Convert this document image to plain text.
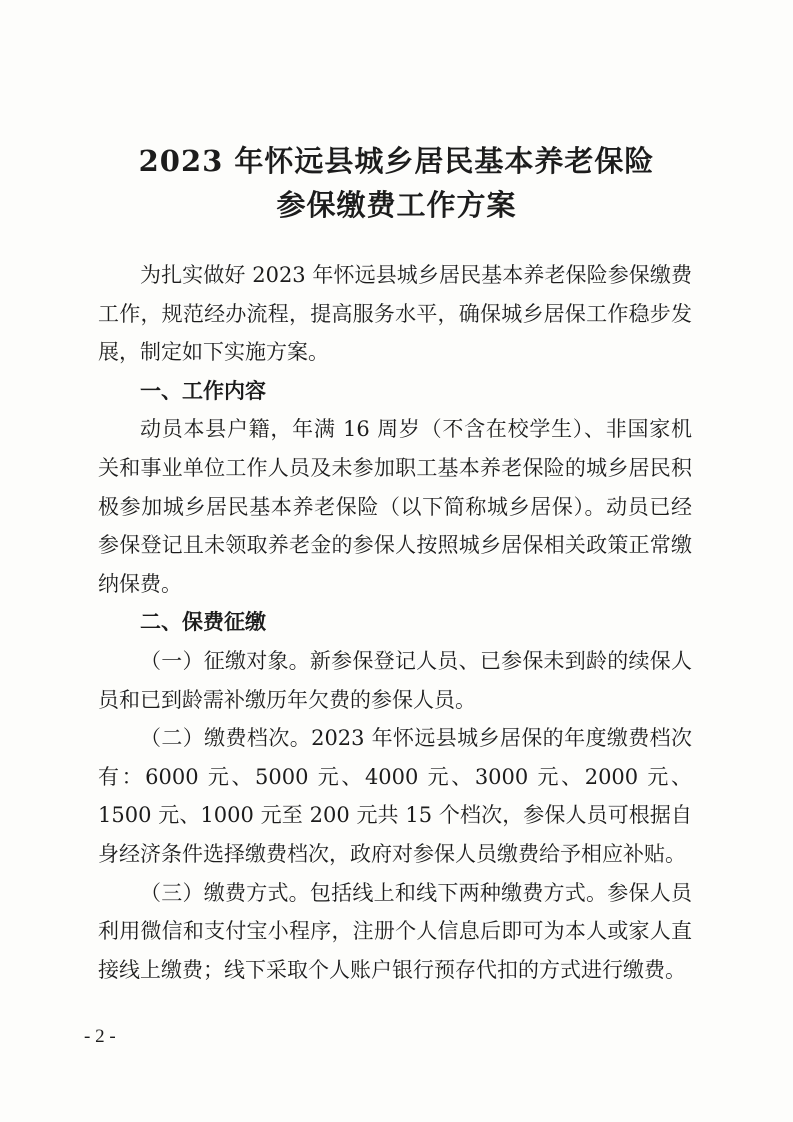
2023 年怀远县城乡居民基本养老保险
参保缴费工作方案

为扎实做好 2023 年怀远县城乡居民基本养老保险参保缴费工作，规范经办流程，提高服务水平，确保城乡居保工作稳步发展，制定如下实施方案。

一、工作内容

动员本县户籍，年满 16 周岁（不含在校学生）、非国家机关和事业单位工作人员及未参加职工基本养老保险的城乡居民积极参加城乡居民基本养老保险（以下简称城乡居保）。动员已经参保登记且未领取养老金的参保人按照城乡居保相关政策正常缴纳保费。

二、保费征缴

（一）征缴对象。新参保登记人员、已参保未到龄的续保人员和已到龄需补缴历年欠费的参保人员。

（二）缴费档次。2023 年怀远县城乡居保的年度缴费档次有：6000 元、5000 元、4000 元、3000 元、2000 元、1500 元、1000 元至 200 元共 15 个档次，参保人员可根据自身经济条件选择缴费档次，政府对参保人员缴费给予相应补贴。

（三）缴费方式。包括线上和线下两种缴费方式。参保人员利用微信和支付宝小程序，注册个人信息后即可为本人或家人直接线上缴费；线下采取个人账户银行预存代扣的方式进行缴费。

- 2 -
